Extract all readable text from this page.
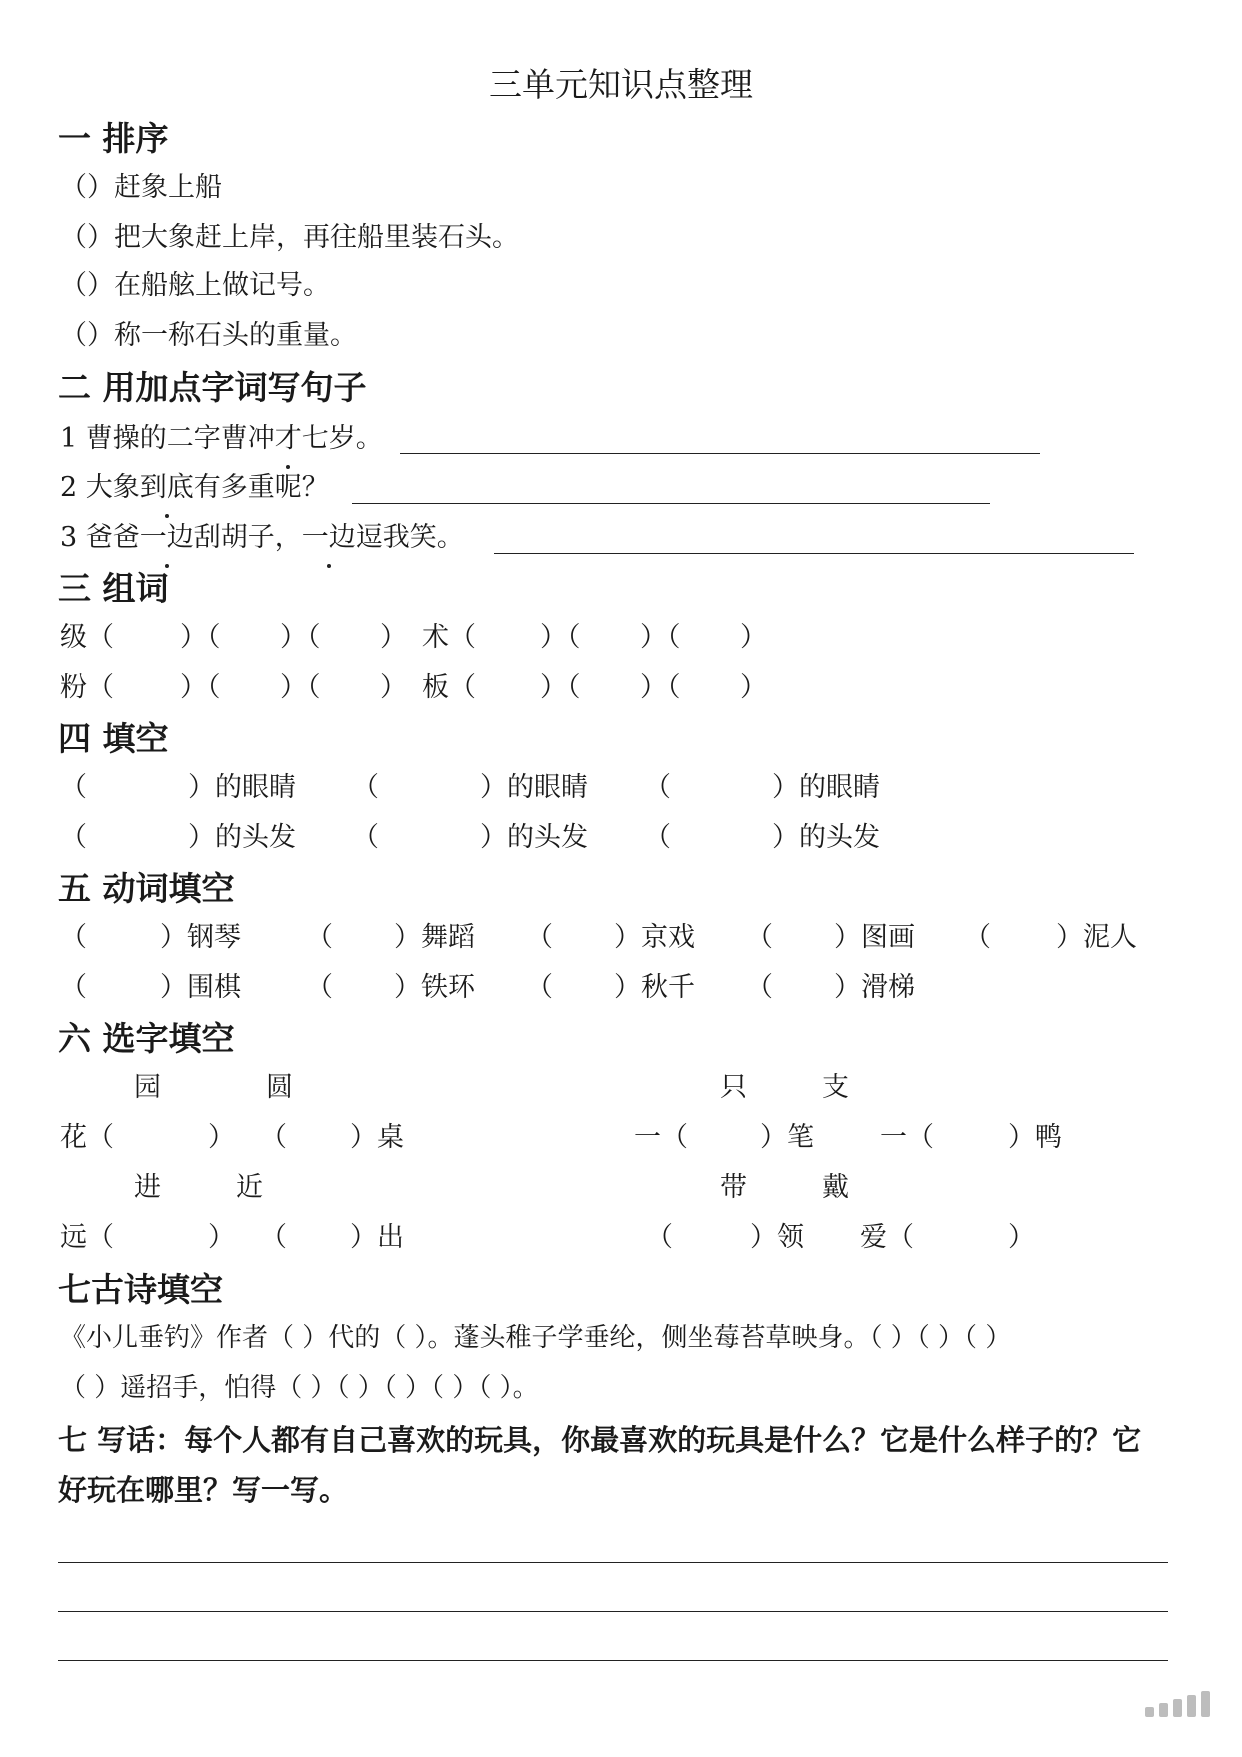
三单元知识点整理
一 排序
（）赶象上船
（）把大象赶上岸，再往船里装石头。
（）在船舷上做记号。
（）称一称石头的重量。
二 用加点字词写句子
1 曹操的二字曹冲才七岁。
2 大象到底有多重呢？
3 爸爸一边刮胡子，一边逗我笑。
三 组词
级（ ）（ ）（ ） 术（ ）（ ）（ ）
粉（ ）（ ）（ ） 板（ ）（ ）（ ）
四 填空
（	）的眼睛 （	）的眼睛 （	）的眼睛
（	）的头发 （	）的头发 （	）的头发
五 动词填空
（	）钢琴 （ ）舞蹈 （ ）京戏 （ ）图画 （ ）泥人
（	）围棋 （ ）铁环 （ ）秋千 （ ）滑梯
六 选字填空
园	圆	只	支
花（	） （ ）桌	一（	）笔 一（	）鸭
进	近	带	戴
远（	） （ ）出	（	）领 爱（	）
七古诗填空
《小儿垂钓》作者（ ）代的（ ）。蓬头稚子学垂纶，侧坐莓苔草映身。（ ）（ ）（ ）
（ ）遥招手，怕得（ ）（ ）（ ）（ ）（ ）。
七 写话：每个人都有自己喜欢的玩具，你最喜欢的玩具是什么？它是什么样子的？它
好玩在哪里？写一写。
